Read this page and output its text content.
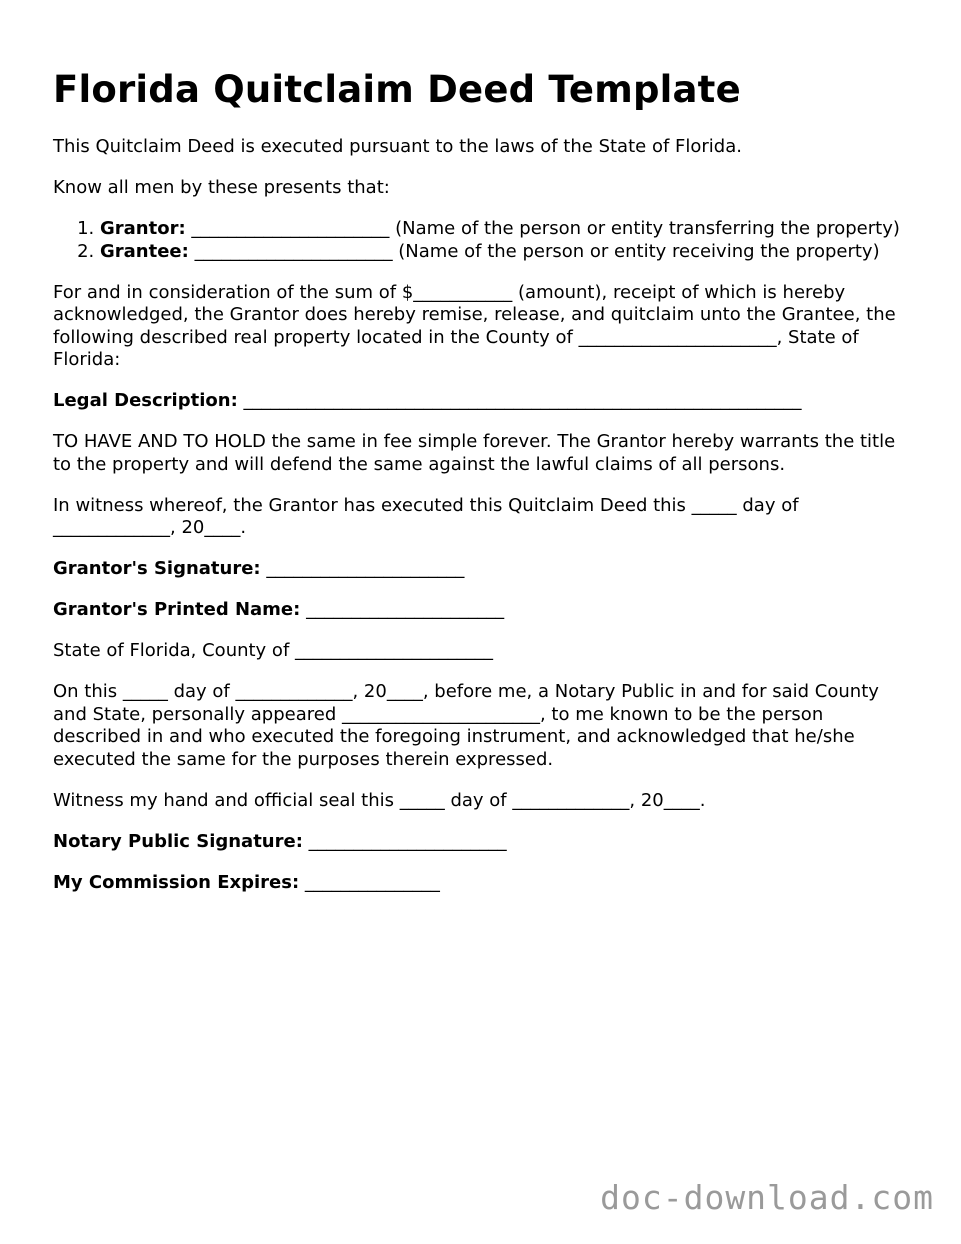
Florida Quitclaim Deed Template

This Quitclaim Deed is executed pursuant to the laws of the State of Florida.

Know all men by these presents that:

1. Grantor: ______________________ (Name of the person or entity transferring the property)
2. Grantee: ______________________ (Name of the person or entity receiving the property)

For and in consideration of the sum of $___________ (amount), receipt of which is hereby acknowledged, the Grantor does hereby remise, release, and quitclaim unto the Grantee, the following described real property located in the County of ______________________, State of Florida:

Legal Description: ______________________________________________________________

TO HAVE AND TO HOLD the same in fee simple forever. The Grantor hereby warrants the title to the property and will defend the same against the lawful claims of all persons.

In witness whereof, the Grantor has executed this Quitclaim Deed this _____ day of _____________, 20____.

Grantor's Signature: ______________________

Grantor's Printed Name: ______________________

State of Florida, County of ______________________

On this _____ day of _____________, 20____, before me, a Notary Public in and for said County and State, personally appeared ______________________, to me known to be the person described in and who executed the foregoing instrument, and acknowledged that he/she executed the same for the purposes therein expressed.

Witness my hand and official seal this _____ day of _____________, 20____.

Notary Public Signature: ______________________

My Commission Expires: _______________

doc-download.com
